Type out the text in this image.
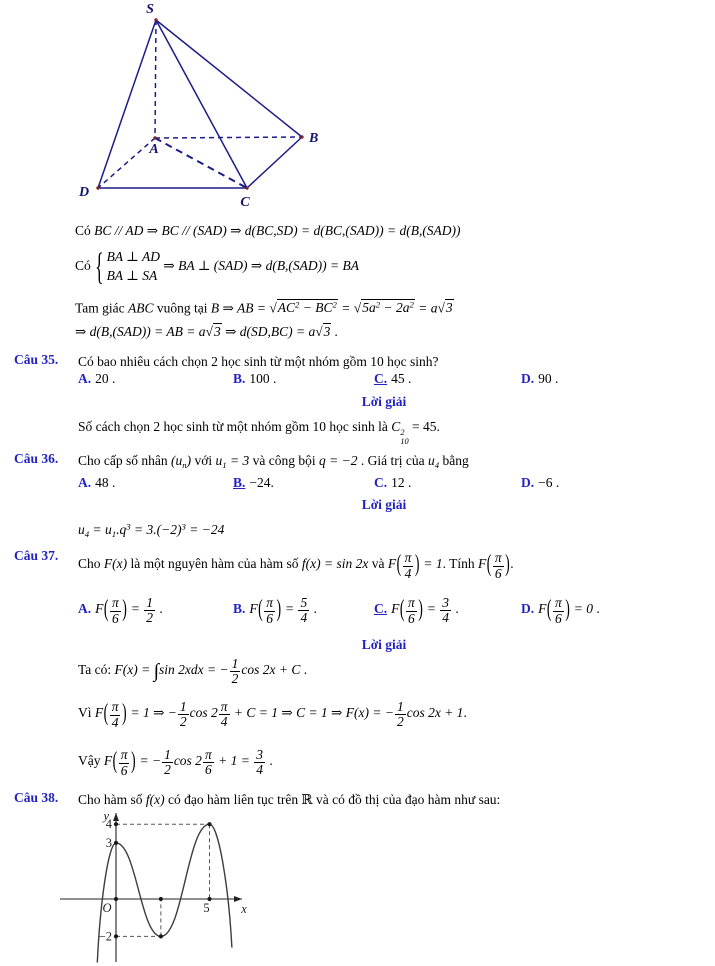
S
A
B
D
C
Có BC // AD ⇒ BC // (SAD) ⇒ d(BC,SD) = d(BC,(SAD)) = d(B,(SAD))
Có { BA ⊥ AD
BA ⊥ SA
⇒ BA ⊥ (SAD) ⇒ d(B,(SAD)) = BA
Tam giác ABC vuông tại B ⇒ AB = $√AC^2 - BC^2 = √5a^2 - 2a^2 = a√3$
⇒ d(B,(SAD)) = AB = a√3 ⇒ d(SD,BC) = a√3 .
Câu 35. Có bao nhiêu cách chọn 2 học sinh từ một nhóm gồm 10 học sinh?
A. 20 .	B. 100 .	C. 45 .	D. 90 .
Lời giải
Số cách chọn 2 học sinh từ một nhóm gồm 10 học sinh là C 2
10
= 45.
Câu 36. Cho cấp số nhân $(u_n)$ với $u_1 = 3$ và công bội q = −2 . Giá trị của $u_4$ bằng
A. 48 .	B. −24.	C. 12 .	D. −6 .
Lời giải
$u_4 = u_1.q^3 = 3.(-2)^3 = -24$
Câu 37.
Cho F(x) là một nguyên hàm của hàm số f(x) = sin 2x và F ( $\frac{\pi}{4}$ ) = 1. Tính F ( $\frac{\pi}{6}$ ) .
A. F ( $\frac{\pi}{6}$ ) = $\frac{1}{2}$ .	B. F ( $\frac{\pi}{6}$ ) = $\frac{5}{4}$ .	C. F ( $\frac{\pi}{6}$ ) = $\frac{3}{4}$ .	D. F ( $\frac{\pi}{6}$ ) = 0 .
Lời giải
Ta có: F(x) = ∫sin 2xdx = − $\frac{1}{2}$ cos 2x + C .
Vì F ( $\frac{\pi}{4}$ ) = 1 ⇒ − $\frac{1}{2}$ $\cos 2 \frac{\pi}{4} + C = 1$ ⇒ C = 1 ⇒ F(x) = − $\frac{1}{2}$ cos 2x + 1.
Vậy F ( $\frac{\pi}{6}$ ) = − $\frac{1}{2}$ $\cos 2 \frac{\pi}{6} + 1 = \frac{3}{4}$ .
Câu 38. Cho hàm số f(x) có đạo hàm liên tục trên ℝ và có đồ thị của đạo hàm như sau:
y
x
O
4
3
−2
5
